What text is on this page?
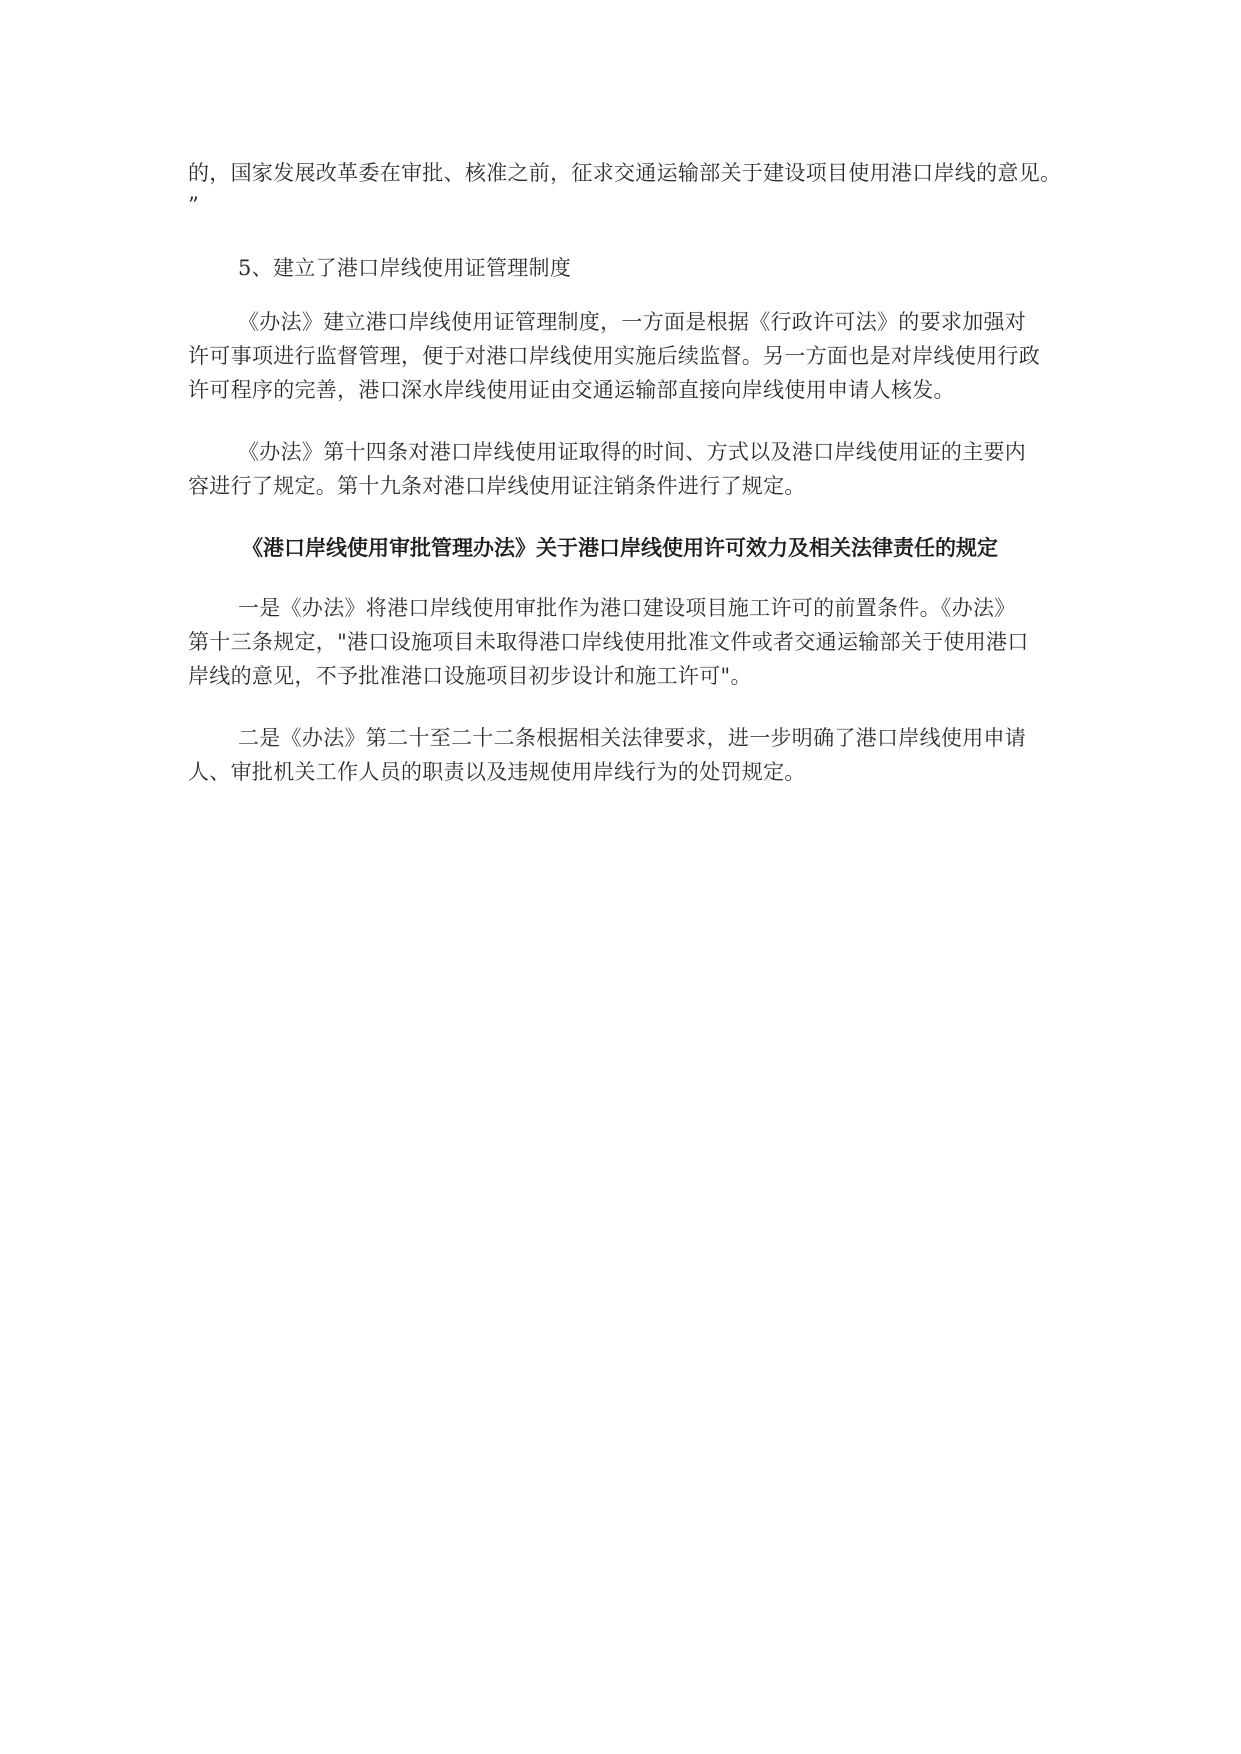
的，国家发展改革委在审批、核准之前，征求交通运输部关于建设项目使用港口岸线的意见。

”

5、建立了港口岸线使用证管理制度

《办法》建立港口岸线使用证管理制度，一方面是根据《行政许可法》的要求加强对

许可事项进行监督管理，便于对港口岸线使用实施后续监督。另一方面也是对岸线使用行政

许可程序的完善，港口深水岸线使用证由交通运输部直接向岸线使用申请人核发。

《办法》第十四条对港口岸线使用证取得的时间、方式以及港口岸线使用证的主要内

容进行了规定。第十九条对港口岸线使用证注销条件进行了规定。

《港口岸线使用审批管理办法》关于港口岸线使用许可效力及相关法律责任的规定

一是《办法》将港口岸线使用审批作为港口建设项目施工许可的前置条件。《办法》

第十三条规定，"港口设施项目未取得港口岸线使用批准文件或者交通运输部关于使用港口

岸线的意见，不予批准港口设施项目初步设计和施工许可"。

二是《办法》第二十至二十二条根据相关法律要求，进一步明确了港口岸线使用申请

人、审批机关工作人员的职责以及违规使用岸线行为的处罚规定。
